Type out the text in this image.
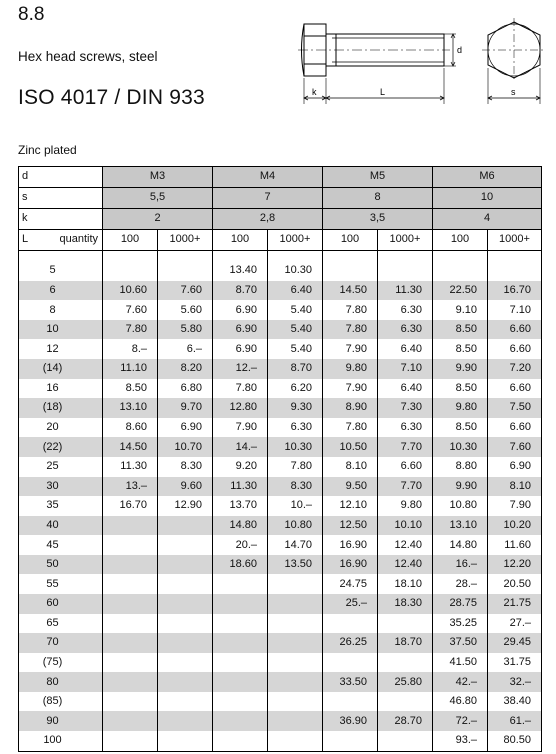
8.8
Hex head screws, steel
ISO 4017 / DIN 933
Zinc plated
d
k	L	s
d	M3		M4		M5		M6	
s	5,5		7		8		10	
k	2		2,8		3,5		4	
L quantity	100	1000+	100	1000+	100	1000+	100	1000+

5			13.40	10.30				
6	10.60	7.60	8.70	6.40	14.50	11.30	22.50	16.70
8	7.60	5.60	6.90	5.40	7.80	6.30	9.10	7.10
10	7.80	5.80	6.90	5.40	7.80	6.30	8.50	6.60
12	8.–	6.–	6.90	5.40	7.90	6.40	8.50	6.60
(14)	11.10	8.20	12.–	8.70	9.80	7.10	9.90	7.20
16	8.50	6.80	7.80	6.20	7.90	6.40	8.50	6.60
(18)	13.10	9.70	12.80	9.30	8.90	7.30	9.80	7.50
20	8.60	6.90	7.90	6.30	7.80	6.30	8.50	6.60
(22)	14.50	10.70	14.–	10.30	10.50	7.70	10.30	7.60
25	11.30	8.30	9.20	7.80	8.10	6.60	8.80	6.90
30	13.–	9.60	11.30	8.30	9.50	7.70	9.90	8.10
35	16.70	12.90	13.70	10.–	12.10	9.80	10.80	7.90
40			14.80	10.80	12.50	10.10	13.10	10.20
45			20.–	14.70	16.90	12.40	14.80	11.60
50			18.60	13.50	16.90	12.40	16.–	12.20
55					24.75	18.10	28.–	20.50
60					25.–	18.30	28.75	21.75
65							35.25	27.–
70					26.25	18.70	37.50	29.45
(75)							41.50	31.75
80					33.50	25.80	42.–	32.–
(85)							46.80	38.40
90					36.90	28.70	72.–	61.–
100							93.–	80.50
